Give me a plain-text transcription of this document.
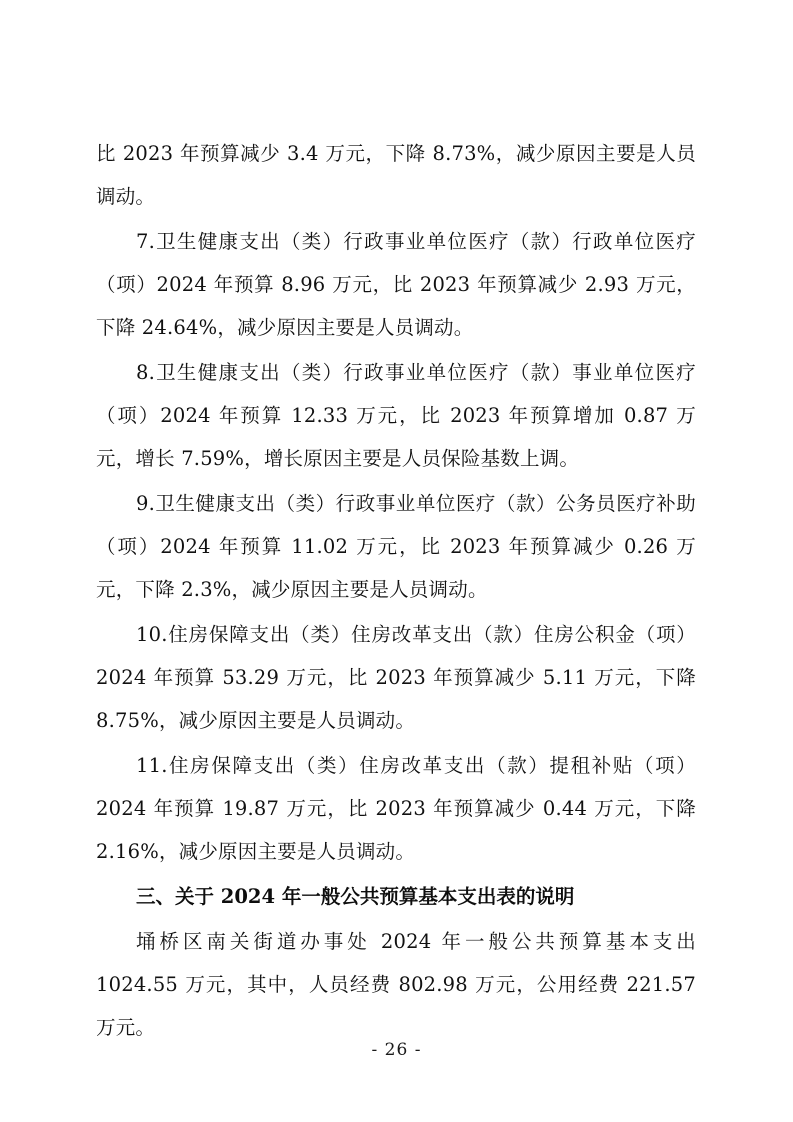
比 2023 年预算减少 3.4 万元，下降 8.73%，减少原因主要是人员调动。

7.卫生健康支出（类）行政事业单位医疗（款）行政单位医疗（项）2024 年预算 8.96 万元，比 2023 年预算减少 2.93 万元，下降 24.64%，减少原因主要是人员调动。

8.卫生健康支出（类）行政事业单位医疗（款）事业单位医疗（项）2024 年预算 12.33 万元，比 2023 年预算增加 0.87 万元，增长 7.59%，增长原因主要是人员保险基数上调。

9.卫生健康支出（类）行政事业单位医疗（款）公务员医疗补助（项）2024 年预算 11.02 万元，比 2023 年预算减少 0.26 万元，下降 2.3%，减少原因主要是人员调动。

10.住房保障支出（类）住房改革支出（款）住房公积金（项）2024 年预算 53.29 万元，比 2023 年预算减少 5.11 万元，下降 8.75%，减少原因主要是人员调动。

11.住房保障支出（类）住房改革支出（款）提租补贴（项）2024 年预算 19.87 万元，比 2023 年预算减少 0.44 万元，下降 2.16%，减少原因主要是人员调动。

三、关于 2024 年一般公共预算基本支出表的说明

埇桥区南关街道办事处 2024 年一般公共预算基本支出 1024.55 万元，其中，人员经费 802.98 万元，公用经费 221.57 万元。

- 26 -
